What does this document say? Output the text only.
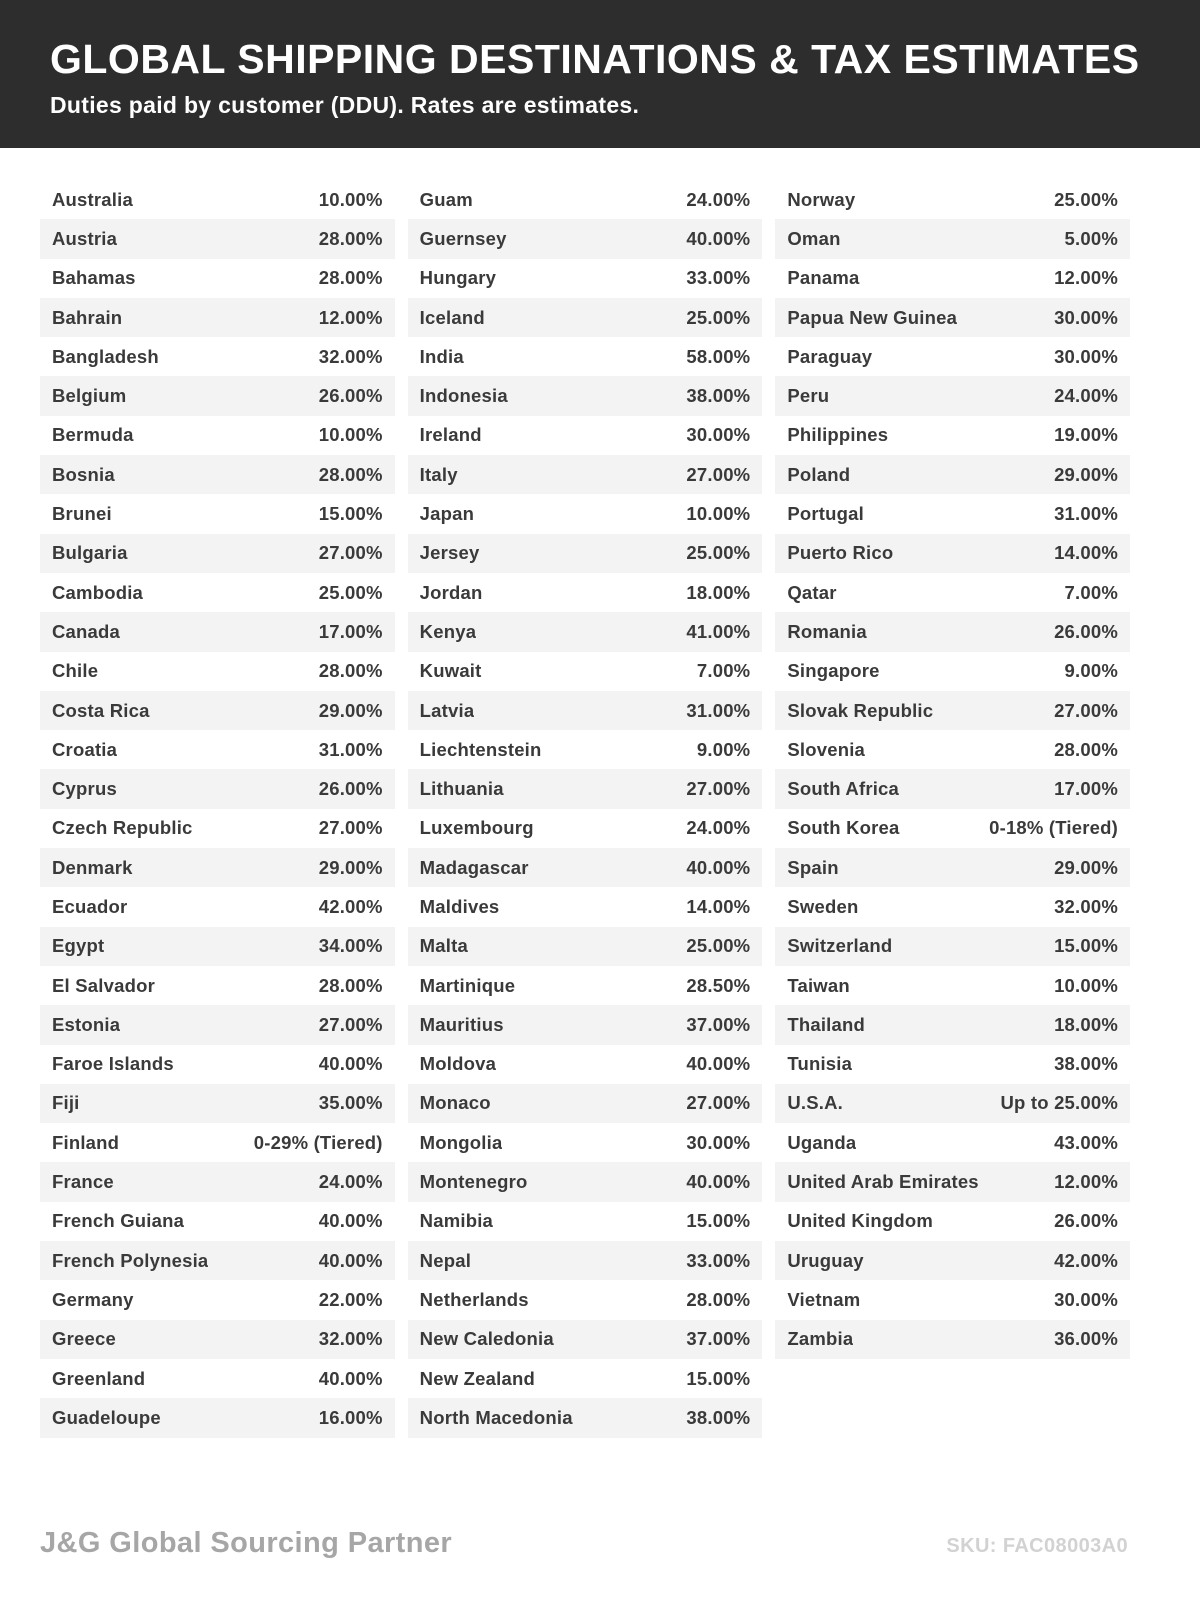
GLOBAL SHIPPING DESTINATIONS & TAX ESTIMATES

Duties paid by customer (DDU). Rates are estimates.

Australia	10.00%
Austria	28.00%
Bahamas	28.00%
Bahrain	12.00%
Bangladesh	32.00%
Belgium	26.00%
Bermuda	10.00%
Bosnia	28.00%
Brunei	15.00%
Bulgaria	27.00%
Cambodia	25.00%
Canada	17.00%
Chile	28.00%
Costa Rica	29.00%
Croatia	31.00%
Cyprus	26.00%
Czech Republic	27.00%
Denmark	29.00%
Ecuador	42.00%
Egypt	34.00%
El Salvador	28.00%
Estonia	27.00%
Faroe Islands	40.00%
Fiji	35.00%
Finland	0-29% (Tiered)
France	24.00%
French Guiana	40.00%
French Polynesia	40.00%
Germany	22.00%
Greece	32.00%
Greenland	40.00%
Guadeloupe	16.00%
Guam	24.00%
Guernsey	40.00%
Hungary	33.00%
Iceland	25.00%
India	58.00%
Indonesia	38.00%
Ireland	30.00%
Italy	27.00%
Japan	10.00%
Jersey	25.00%
Jordan	18.00%
Kenya	41.00%
Kuwait	7.00%
Latvia	31.00%
Liechtenstein	9.00%
Lithuania	27.00%
Luxembourg	24.00%
Madagascar	40.00%
Maldives	14.00%
Malta	25.00%
Martinique	28.50%
Mauritius	37.00%
Moldova	40.00%
Monaco	27.00%
Mongolia	30.00%
Montenegro	40.00%
Namibia	15.00%
Nepal	33.00%
Netherlands	28.00%
New Caledonia	37.00%
New Zealand	15.00%
North Macedonia	38.00%
Norway	25.00%
Oman	5.00%
Panama	12.00%
Papua New Guinea	30.00%
Paraguay	30.00%
Peru	24.00%
Philippines	19.00%
Poland	29.00%
Portugal	31.00%
Puerto Rico	14.00%
Qatar	7.00%
Romania	26.00%
Singapore	9.00%
Slovak Republic	27.00%
Slovenia	28.00%
South Africa	17.00%
South Korea	0-18% (Tiered)
Spain	29.00%
Sweden	32.00%
Switzerland	15.00%
Taiwan	10.00%
Thailand	18.00%
Tunisia	38.00%
U.S.A.	Up to 25.00%
Uganda	43.00%
United Arab Emirates	12.00%
United Kingdom	26.00%
Uruguay	42.00%
Vietnam	30.00%
Zambia	36.00%
J&G Global Sourcing Partner	SKU: FAC08003A0
